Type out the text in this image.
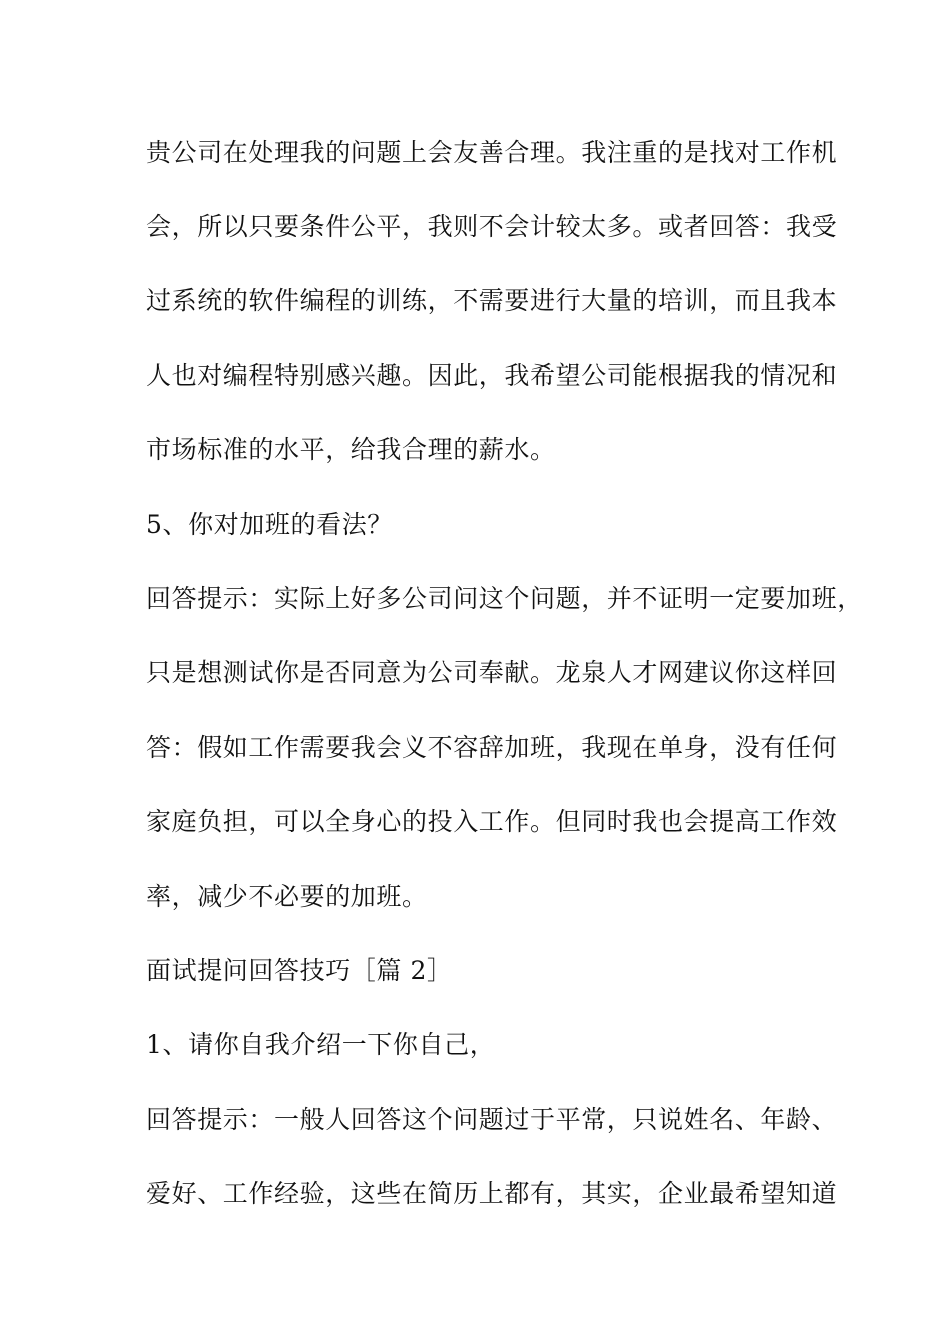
贵公司在处理我的问题上会友善合理。我注重的是找对工作机
会，所以只要条件公平，我则不会计较太多。或者回答：我受
过系统的软件编程的训练，不需要进行大量的培训，而且我本
人也对编程特别感兴趣。因此，我希望公司能根据我的情况和
市场标准的水平，给我合理的薪水。
5、你对加班的看法？
回答提示：实际上好多公司问这个问题，并不证明一定要加班，
只是想测试你是否同意为公司奉献。龙泉人才网建议你这样回
答：假如工作需要我会义不容辞加班，我现在单身，没有任何
家庭负担，可以全身心的投入工作。但同时我也会提高工作效
率，减少不必要的加班。
面试提问回答技巧［篇 2］
1、请你自我介绍一下你自己，
回答提示：一般人回答这个问题过于平常，只说姓名、年龄、
爱好、工作经验，这些在简历上都有，其实，企业最希望知道
